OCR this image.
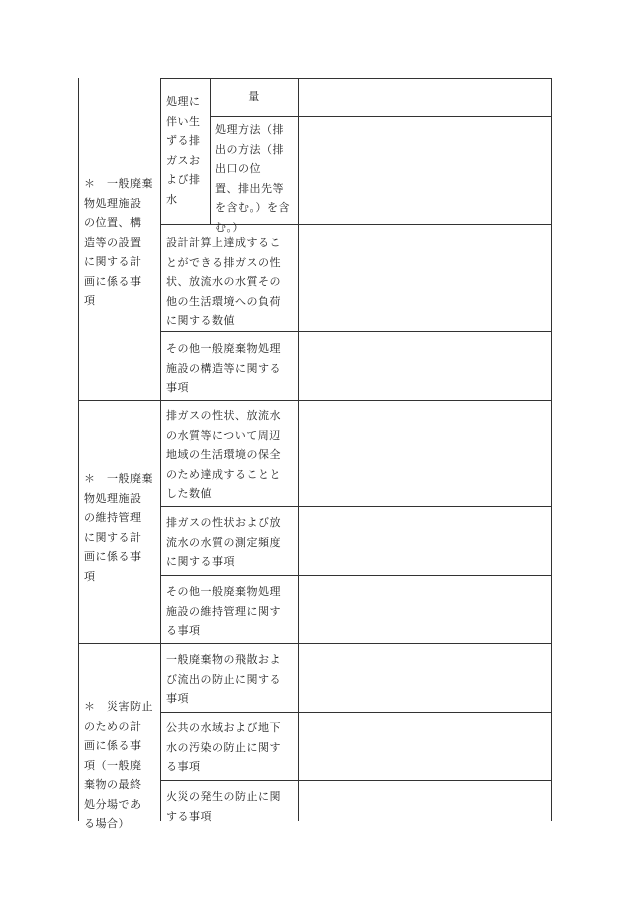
＊　一般廃棄
物処理施設
の位置、構
造等の設置
に関する計
画に係る事
項
処理に
伴い生
ずる排
ガスお
よび排
水
量
処理方法（排
出の方法（排
出口の位
置、排出先等
を含む。）を含
む。）
設計計算上達成するこ
とができる排ガスの性
状、放流水の水質その
他の生活環境への負荷
に関する数値
その他一般廃棄物処理
施設の構造等に関する
事項
＊　一般廃棄
物処理施設
の維持管理
に関する計
画に係る事
項
排ガスの性状、放流水
の水質等について周辺
地域の生活環境の保全
のため達成することと
した数値
排ガスの性状および放
流水の水質の測定頻度
に関する事項
その他一般廃棄物処理
施設の維持管理に関す
る事項
＊　災害防止
のための計
画に係る事
項（一般廃
棄物の最終
処分場であ
る場合）
一般廃棄物の飛散およ
び流出の防止に関する
事項
公共の水域および地下
水の汚染の防止に関す
る事項
火災の発生の防止に関
する事項
